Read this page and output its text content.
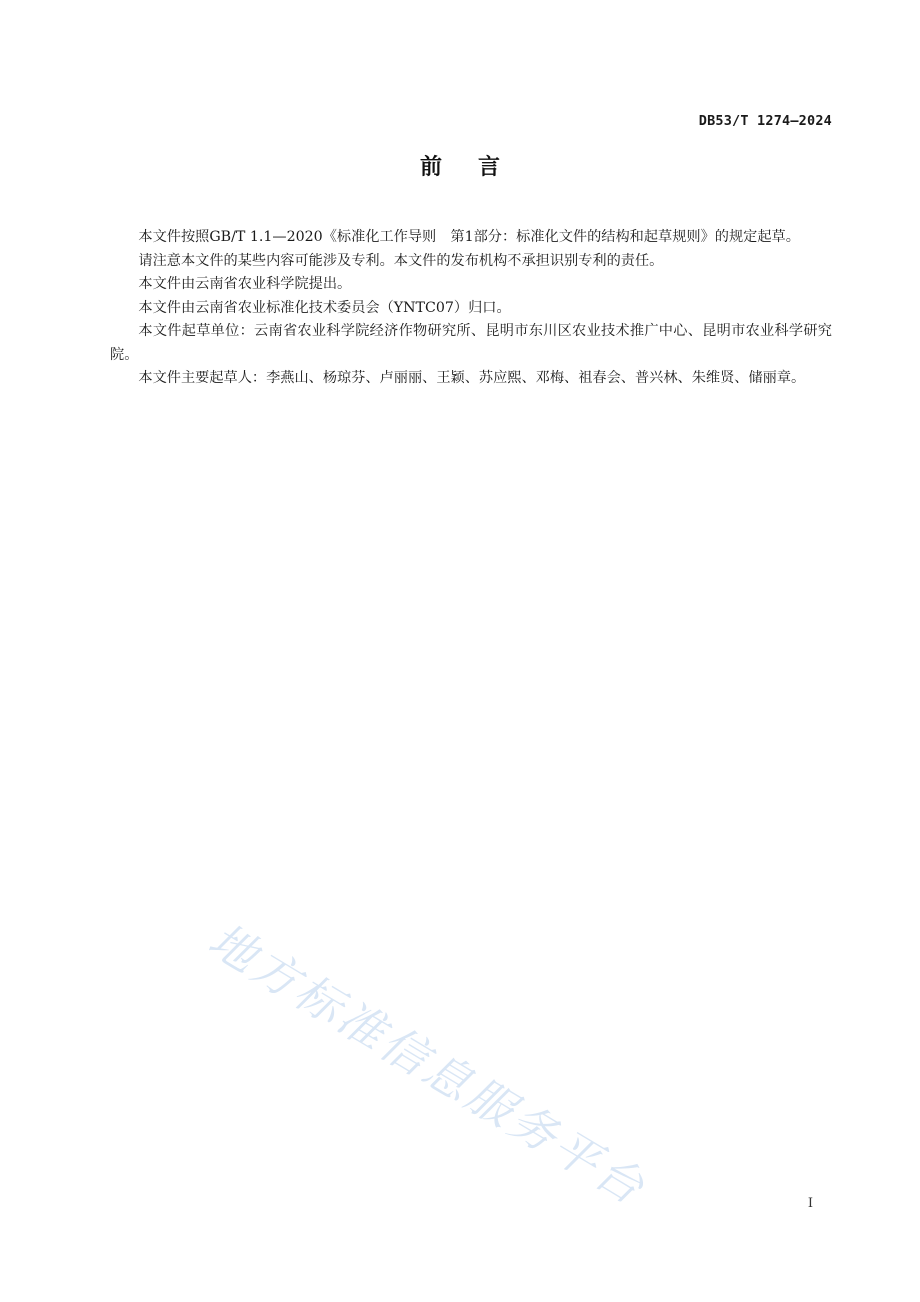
DB53/T 1274—2024
前言

本文件按照GB/T 1.1—2020《标准化工作导则　第1部分：标准化文件的结构和起草规则》的规定起草。

请注意本文件的某些内容可能涉及专利。本文件的发布机构不承担识别专利的责任。

本文件由云南省农业科学院提出。

本文件由云南省农业标准化技术委员会（YNTC07）归口。

本文件起草单位：云南省农业科学院经济作物研究所、昆明市东川区农业技术推广中心、昆明市农业科学研究院。

本文件主要起草人：李燕山、杨琼芬、卢丽丽、王颖、苏应熙、邓梅、祖春会、普兴林、朱维贤、储丽章。

地方标准信息服务平台	I
